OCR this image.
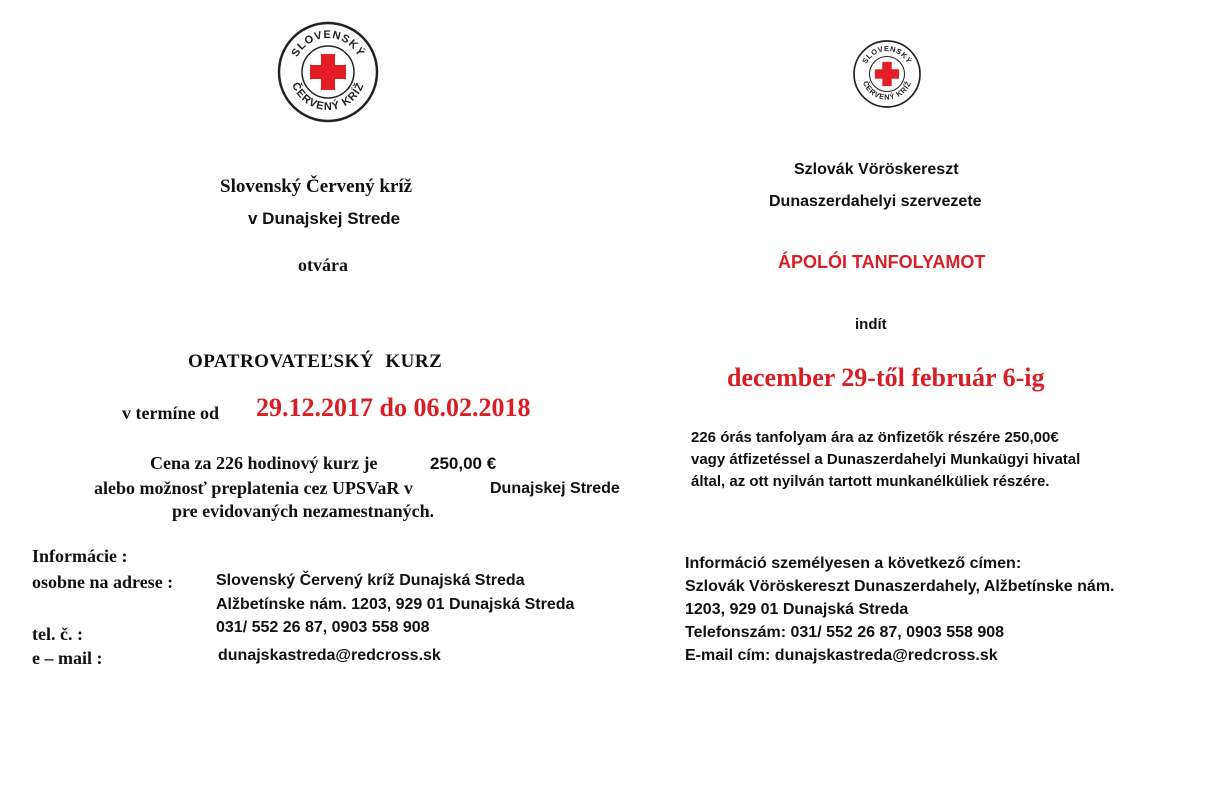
SLOVENSKÝ
ČERVENÝ KRÍŽ
SLOVENSKÝ
ČERVENÝ KRÍŽ
Slovenský Červený kríž
v Dunajskej Strede
otvára
OPATROVATEĽSKÝ KURZ
v termíne od 29.12.2017 do 06.02.2018
Cena za 226 hodinový kurz je	250,00 €
alebo možnosť preplatenia cez UPSVaR v	Dunajskej Strede
pre evidovaných nezamestnaných.
Informácie :
osobne na adrese :	Slovenský Červený kríž Dunajská Streda
Alžbetínske nám. 1203, 929 01 Dunajská Streda
tel. č. :	031/ 552 26 87, 0903 558 908
e – mail :	dunajskastreda@redcross.sk
Szlovák Vöröskereszt
Dunaszerdahelyi szervezete
ÁPOLÓI TANFOLYAMOT
indít
december 29-től február 6-ig
226 órás tanfolyam ára az önfizetők részére 250,00€
vagy átfizetéssel a Dunaszerdahelyi Munkaügyi hivatal
által, az ott nyilván tartott munkanélküliek részére.
Információ személyesen a következő címen:
Szlovák Vöröskereszt Dunaszerdahely, Alžbetínske nám.
1203, 929 01 Dunajská Streda
Telefonszám: 031/ 552 26 87, 0903 558 908
E-mail cím: dunajskastreda@redcross.sk
